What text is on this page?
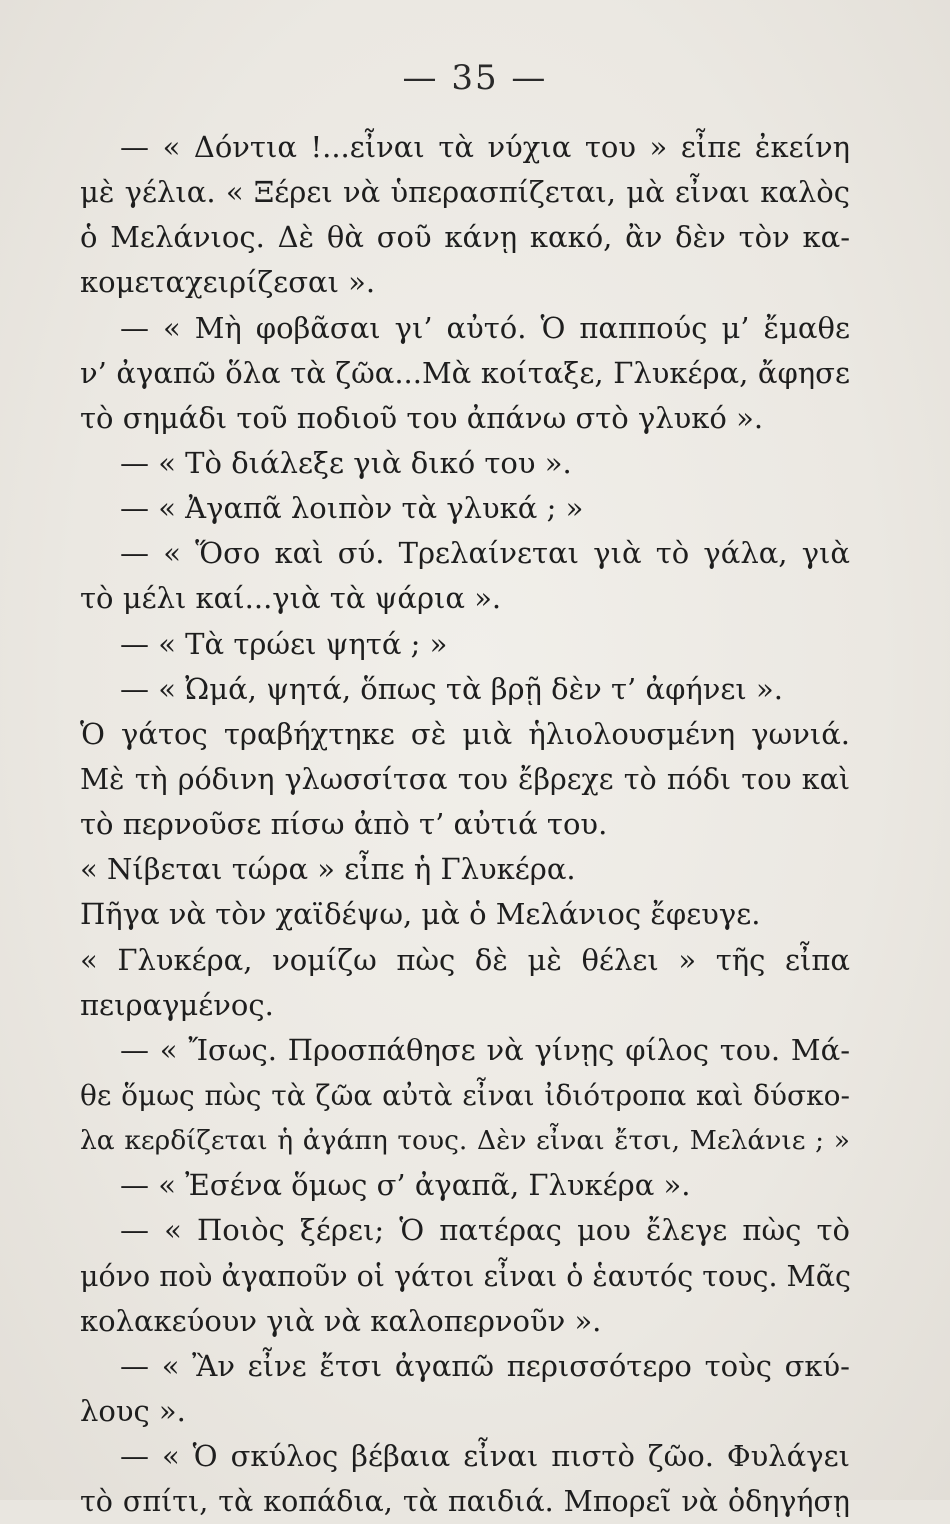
— 35 —
— « Δόντια !...εἶναι τὰ νύχια του » εἶπε ἐκείνη
μὲ γέλια. « Ξέρει νὰ ὑπερασπίζεται, μὰ εἶναι καλὸς
ὁ Μελάνιος. Δὲ θὰ σοῦ κάνῃ κακό, ἂν δὲν τὸν κα-
κομεταχειρίζεσαι ».
— « Μὴ φοβᾶσαι γι’ αὐτό. Ὁ παππούς μ’ ἔμαθε
ν’ ἀγαπῶ ὅλα τὰ ζῶα...Μὰ κοίταξε, Γλυκέρα, ἄφησε
τὸ σημάδι τοῦ ποδιοῦ του ἀπάνω στὸ γλυκό ».
— « Τὸ διάλεξε γιὰ δικό του ».
— « Ἀγαπᾶ λοιπὸν τὰ γλυκά ; »
— « Ὅσο καὶ σύ. Τρελαίνεται γιὰ τὸ γάλα, γιὰ
τὸ μέλι καί...γιὰ τὰ ψάρια ».
— « Τὰ τρώει ψητά ; »
— « Ὠμά, ψητά, ὅπως τὰ βρῇ δὲν τ’ ἀφήνει ».
Ὁ γάτος τραβήχτηκε σὲ μιὰ ἡλιολουσμένη γωνιά.
Μὲ τὴ ρόδινη γλωσσίτσα του ἔβρεχε τὸ πόδι του καὶ
τὸ περνοῦσε πίσω ἀπὸ τ’ αὐτιά του.
« Νίβεται τώρα » εἶπε ἡ Γλυκέρα.
Πῆγα νὰ τὸν χαϊδέψω, μὰ ὁ Μελάνιος ἔφευγε.
« Γλυκέρα, νομίζω πὼς δὲ μὲ θέλει » τῆς εἶπα
πειραγμένος.
— « Ἴσως. Προσπάθησε νὰ γίνῃς φίλος του. Μά-
θε ὅμως πὼς τὰ ζῶα αὐτὰ εἶναι ἰδιότροπα καὶ δύσκο-
λα κερδίζεται ἡ ἀγάπη τους. Δὲν εἶναι ἔτσι, Μελάνιε ; »
— « Ἐσένα ὅμως σ’ ἀγαπᾶ, Γλυκέρα ».
— « Ποιὸς ξέρει; Ὁ πατέρας μου ἔλεγε πὼς τὸ
μόνο ποὺ ἀγαποῦν οἱ γάτοι εἶναι ὁ ἑαυτός τους. Μᾶς
κολακεύουν γιὰ νὰ καλοπερνοῦν ».
— « Ἂν εἶνε ἔτσι ἀγαπῶ περισσότερο τοὺς σκύ-
λους ».
— « Ὁ σκύλος βέβαια εἶναι πιστὸ ζῶο. Φυλάγει
τὸ σπίτι, τὰ κοπάδια, τὰ παιδιά. Μπορεῖ νὰ ὁδηγήσῃ
